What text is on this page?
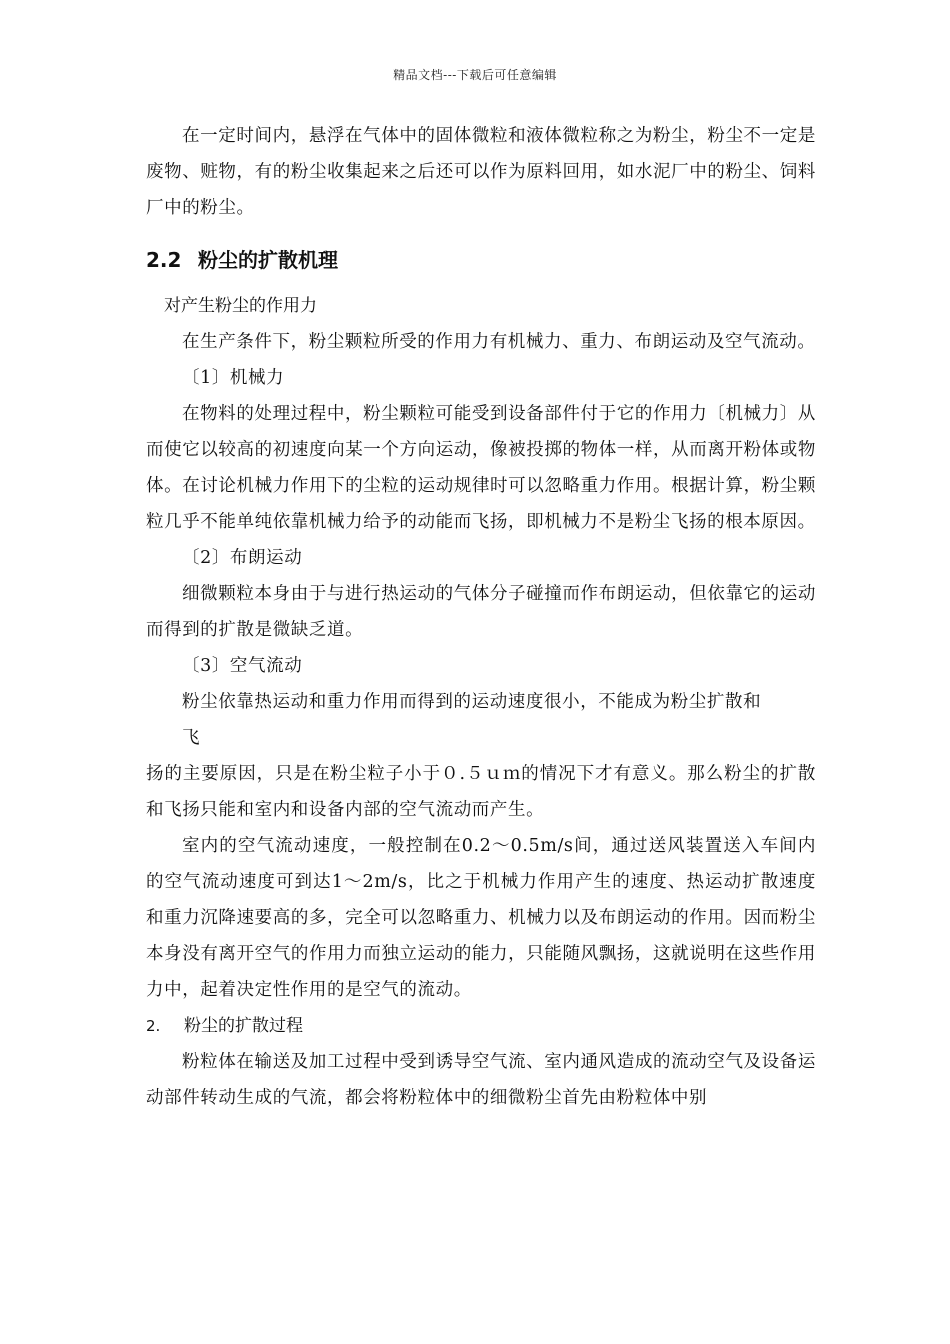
精品文档---下载后可任意编辑

在一定时间内，悬浮在气体中的固体微粒和液体微粒称之为粉尘，粉尘不一定是废物、赃物，有的粉尘收集起来之后还可以作为原料回用，如水泥厂中的粉尘、饲料厂中的粉尘。

2.2 粉尘的扩散机理
对产生粉尘的作用力

在生产条件下，粉尘颗粒所受的作用力有机械力、重力、布朗运动及空气流动。

〔1〕机械力

在物料的处理过程中，粉尘颗粒可能受到设备部件付于它的作用力〔机械力〕从而使它以较高的初速度向某一个方向运动，像被投掷的物体一样，从而离开粉体或物体。在讨论机械力作用下的尘粒的运动规律时可以忽略重力作用。根据计算，粉尘颗粒几乎不能单纯依靠机械力给予的动能而飞扬，即机械力不是粉尘飞扬的根本原因。

〔2〕布朗运动

细微颗粒本身由于与进行热运动的气体分子碰撞而作布朗运动，但依靠它的运动而得到的扩散是微缺乏道。

〔3〕空气流动

粉尘依靠热运动和重力作用而得到的运动速度很小，不能成为粉尘扩散和

飞

扬的主要原因，只是在粉尘粒子小于０.５ｕｍ的情况下才有意义。那么粉尘的扩散和飞扬只能和室内和设备内部的空气流动而产生。

室内的空气流动速度，一般控制在0.2～0.5m/s间，通过送风装置送入车间内的空气流动速度可到达1～2m/s，比之于机械力作用产生的速度、热运动扩散速度和重力沉降速要高的多，完全可以忽略重力、机械力以及布朗运动的作用。因而粉尘本身没有离开空气的作用力而独立运动的能力，只能随风飘扬，这就说明在这些作用力中，起着决定性作用的是空气的流动。

2. 粉尘的扩散过程

粉粒体在输送及加工过程中受到诱导空气流、室内通风造成的流动空气及设备运动部件转动生成的气流，都会将粉粒体中的细微粉尘首先由粉粒体中别
